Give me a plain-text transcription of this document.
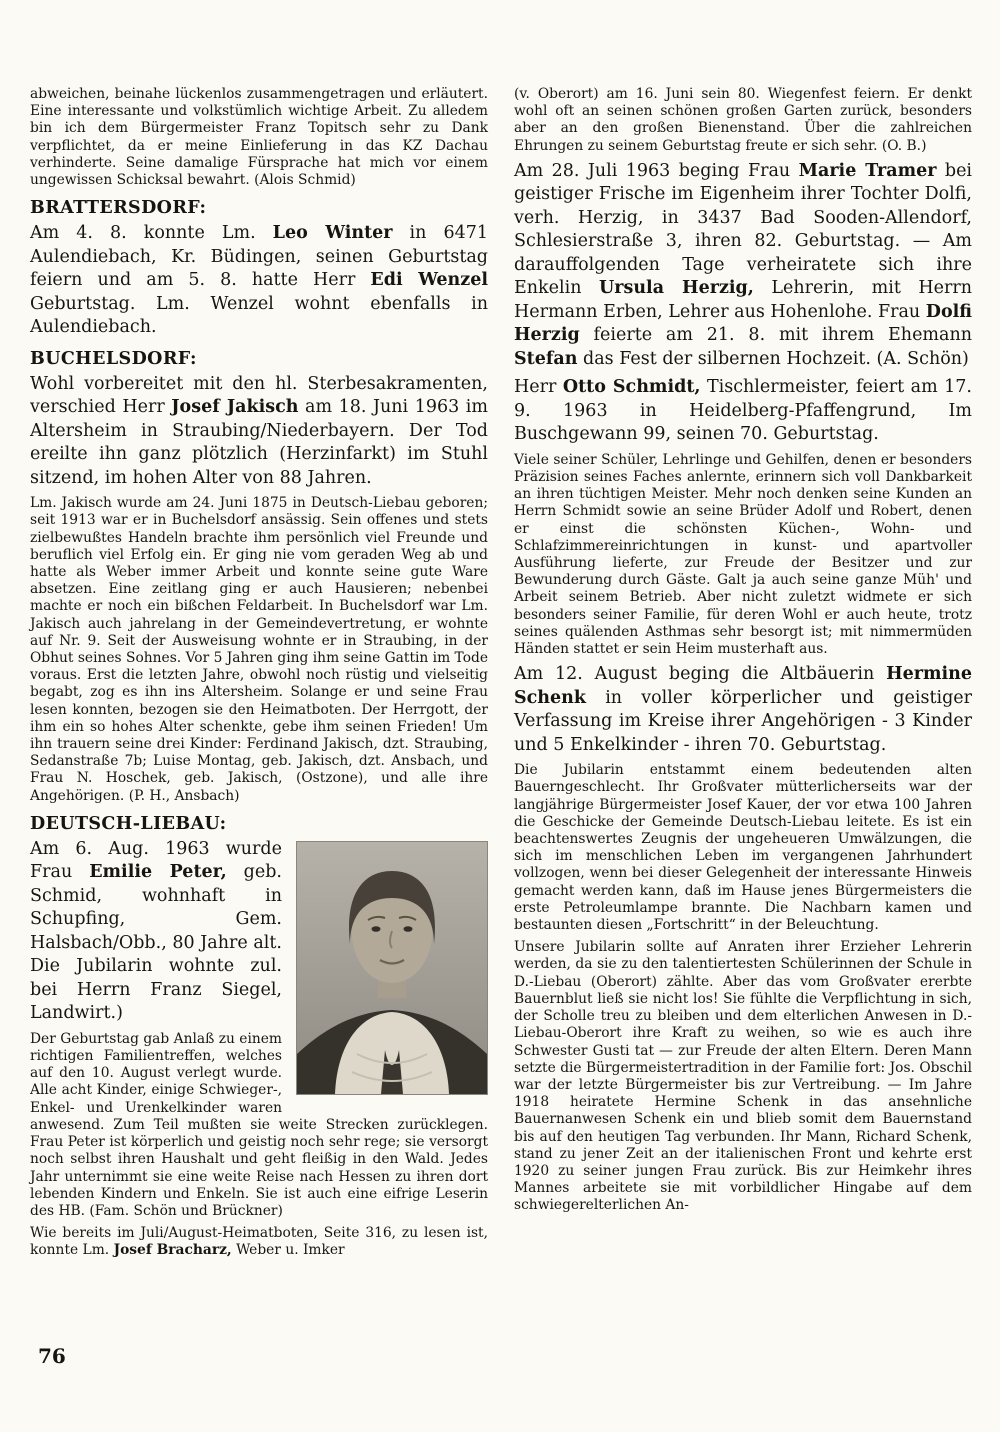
abweichen, beinahe lückenlos zusammengetragen und erläutert. Eine interessante und volkstümlich wichtige Arbeit. Zu alledem bin ich dem Bürgermeister Franz Topitsch sehr zu Dank verpflichtet, da er meine Einlieferung in das KZ Dachau verhinderte. Seine damalige Fürsprache hat mich vor einem ungewissen Schicksal bewahrt. (Alois Schmid)

BRATTERSDORF:

Am 4. 8. konnte Lm. Leo Winter in 6471 Aulendiebach, Kr. Büdingen, seinen Geburtstag feiern und am 5. 8. hatte Herr Edi Wenzel Geburtstag. Lm. Wenzel wohnt ebenfalls in Aulendiebach.

BUCHELSDORF:

Wohl vorbereitet mit den hl. Sterbesakramenten, verschied Herr Josef Jakisch am 18. Juni 1963 im Altersheim in Straubing/Niederbayern. Der Tod ereilte ihn ganz plötzlich (Herzinfarkt) im Stuhl sitzend, im hohen Alter von 88 Jahren.

Lm. Jakisch wurde am 24. Juni 1875 in Deutsch-Liebau geboren; seit 1913 war er in Buchelsdorf ansässig. Sein offenes und stets zielbewußtes Handeln brachte ihm persönlich viel Freunde und beruflich viel Erfolg ein. Er ging nie vom geraden Weg ab und hatte als Weber immer Arbeit und konnte seine gute Ware absetzen. Eine zeitlang ging er auch Hausieren; nebenbei machte er noch ein bißchen Feldarbeit. In Buchelsdorf war Lm. Jakisch auch jahrelang in der Gemeindevertretung, er wohnte auf Nr. 9. Seit der Ausweisung wohnte er in Straubing, in der Obhut seines Sohnes. Vor 5 Jahren ging ihm seine Gattin im Tode voraus. Erst die letzten Jahre, obwohl noch rüstig und vielseitig begabt, zog es ihn ins Altersheim. Solange er und seine Frau lesen konnten, bezogen sie den Heimatboten. Der Herrgott, der ihm ein so hohes Alter schenkte, gebe ihm seinen Frieden! Um ihn trauern seine drei Kinder: Ferdinand Jakisch, dzt. Straubing, Sedanstraße 7b; Luise Montag, geb. Jakisch, dzt. Ansbach, und Frau N. Hoschek, geb. Jakisch, (Ostzone), und alle ihre Angehörigen. (P. H., Ansbach)

DEUTSCH-LIEBAU:

Am 6. Aug. 1963 wurde Frau Emilie Peter, geb. Schmid, wohnhaft in Schupfing, Gem. Halsbach/Obb., 80 Jahre alt. Die Jubilarin wohnte zul. bei Herrn Franz Siegel, Landwirt.)

Der Geburtstag gab Anlaß zu einem richtigen Familientreffen, welches auf den 10. August verlegt wurde. Alle acht Kinder, einige Schwieger-, Enkel- und Urenkelkinder waren anwesend. Zum Teil mußten sie weite Strecken zurücklegen. Frau Peter ist körperlich und geistig noch sehr rege; sie versorgt noch selbst ihren Haushalt und geht fleißig in den Wald. Jedes Jahr unternimmt sie eine weite Reise nach Hessen zu ihren dort lebenden Kindern und Enkeln. Sie ist auch eine eifrige Leserin des HB. (Fam. Schön und Brückner)

Wie bereits im Juli/August-Heimatboten, Seite 316, zu lesen ist, konnte Lm. Josef Bracharz, Weber u. Imker

(v. Oberort) am 16. Juni sein 80. Wiegenfest feiern. Er denkt wohl oft an seinen schönen großen Garten zurück, besonders aber an den großen Bienenstand. Über die zahlreichen Ehrungen zu seinem Geburtstag freute er sich sehr. (O. B.)

Am 28. Juli 1963 beging Frau Marie Tramer bei geistiger Frische im Eigenheim ihrer Tochter Dolfi, verh. Herzig, in 3437 Bad Sooden-Allendorf, Schlesierstraße 3, ihren 82. Geburtstag. — Am darauffolgenden Tage verheiratete sich ihre Enkelin Ursula Herzig, Lehrerin, mit Herrn Hermann Erben, Lehrer aus Hohenlohe. Frau Dolfi Herzig feierte am 21. 8. mit ihrem Ehemann Stefan das Fest der silbernen Hochzeit. (A. Schön)

Herr Otto Schmidt, Tischlermeister, feiert am 17. 9. 1963 in Heidelberg-Pfaffengrund, Im Buschgewann 99, seinen 70. Geburtstag.

Viele seiner Schüler, Lehrlinge und Gehilfen, denen er besonders Präzision seines Faches anlernte, erinnern sich voll Dankbarkeit an ihren tüchtigen Meister. Mehr noch denken seine Kunden an Herrn Schmidt sowie an seine Brüder Adolf und Robert, denen er einst die schönsten Küchen-, Wohn- und Schlafzimmereinrichtungen in kunst- und apartvoller Ausführung lieferte, zur Freude der Besitzer und zur Bewunderung durch Gäste. Galt ja auch seine ganze Müh' und Arbeit seinem Betrieb. Aber nicht zuletzt widmete er sich besonders seiner Familie, für deren Wohl er auch heute, trotz seines quälenden Asthmas sehr besorgt ist; mit nimmermüden Händen stattet er sein Heim musterhaft aus.

Am 12. August beging die Altbäuerin Hermine Schenk in voller körperlicher und geistiger Verfassung im Kreise ihrer Angehörigen - 3 Kinder und 5 Enkelkinder - ihren 70. Geburtstag.

Die Jubilarin entstammt einem bedeutenden alten Bauerngeschlecht. Ihr Großvater mütterlicherseits war der langjährige Bürgermeister Josef Kauer, der vor etwa 100 Jahren die Geschicke der Gemeinde Deutsch-Liebau leitete. Es ist ein beachtenswertes Zeugnis der ungeheueren Umwälzungen, die sich im menschlichen Leben im vergangenen Jahrhundert vollzogen, wenn bei dieser Gelegenheit der interessante Hinweis gemacht werden kann, daß im Hause jenes Bürgermeisters die erste Petroleumlampe brannte. Die Nachbarn kamen und bestaunten diesen „Fortschritt“ in der Beleuchtung.

Unsere Jubilarin sollte auf Anraten ihrer Erzieher Lehrerin werden, da sie zu den talentiertesten Schülerinnen der Schule in D.-Liebau (Oberort) zählte. Aber das vom Großvater ererbte Bauernblut ließ sie nicht los! Sie fühlte die Verpflichtung in sich, der Scholle treu zu bleiben und dem elterlichen Anwesen in D.-Liebau-Oberort ihre Kraft zu weihen, so wie es auch ihre Schwester Gusti tat — zur Freude der alten Eltern. Deren Mann setzte die Bürgermeistertradition in der Familie fort: Jos. Obschil war der letzte Bürgermeister bis zur Vertreibung. — Im Jahre 1918 heiratete Hermine Schenk in das ansehnliche Bauernanwesen Schenk ein und blieb somit dem Bauernstand bis auf den heutigen Tag verbunden. Ihr Mann, Richard Schenk, stand zu jener Zeit an der italienischen Front und kehrte erst 1920 zu seiner jungen Frau zurück. Bis zur Heimkehr ihres Mannes arbeitete sie mit vorbildlicher Hingabe auf dem schwiegerelterlichen An-

76
